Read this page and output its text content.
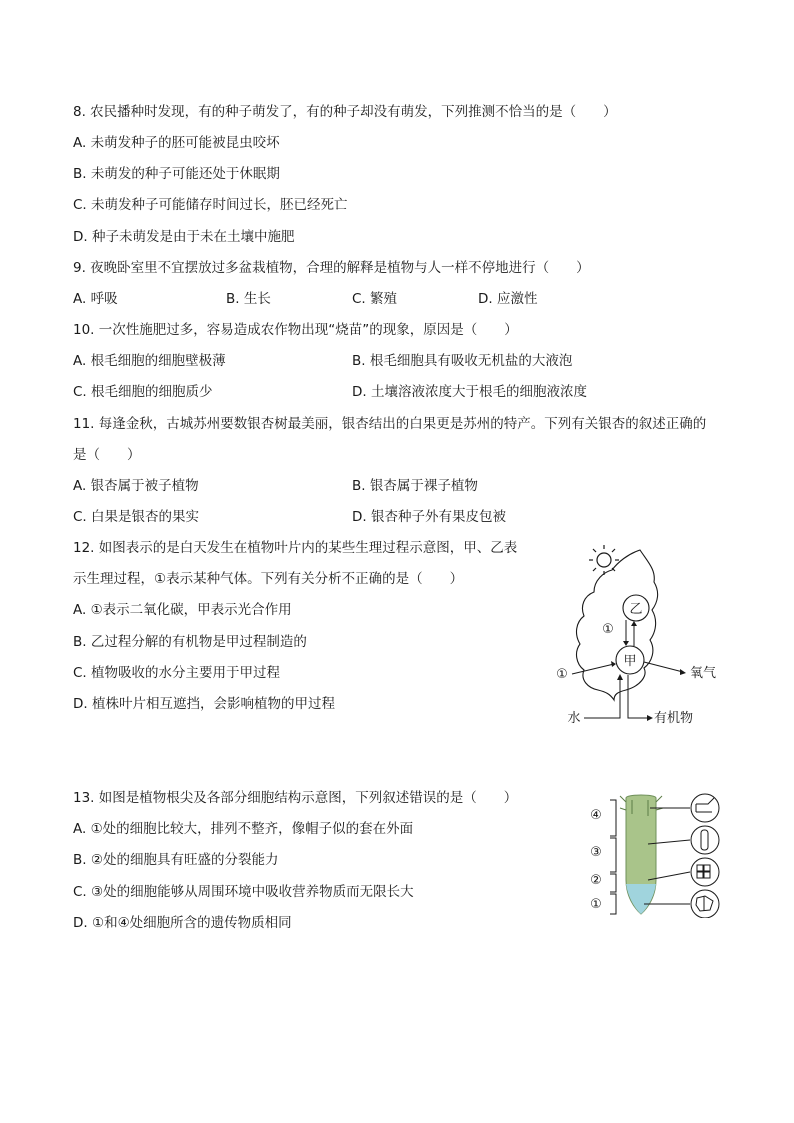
8. 农民播种时发现，有的种子萌发了，有的种子却没有萌发，下列推测不恰当的是（　　）
A. 未萌发种子的胚可能被昆虫咬坏
B. 未萌发的种子可能还处于休眠期
C. 未萌发种子可能储存时间过长，胚已经死亡
D. 种子未萌发是由于未在土壤中施肥
9. 夜晚卧室里不宜摆放过多盆栽植物，合理的解释是植物与人一样不停地进行（　　）
A. 呼吸	B. 生长	C. 繁殖	D. 应激性
10. 一次性施肥过多，容易造成农作物出现“烧苗”的现象，原因是（　　）
A. 根毛细胞的细胞壁极薄	B. 根毛细胞具有吸收无机盐的大液泡
C. 根毛细胞的细胞质少	D. 土壤溶液浓度大于根毛的细胞液浓度
11. 每逢金秋，古城苏州要数银杏树最美丽，银杏结出的白果更是苏州的特产。下列有关银杏的叙述正确的
是（　　）
A. 银杏属于被子植物	B. 银杏属于裸子植物
C. 白果是银杏的果实	D. 银杏种子外有果皮包被
12. 如图表示的是白天发生在植物叶片内的某些生理过程示意图，甲、乙表
示生理过程，①表示某种气体。下列有关分析不正确的是（　　）
A. ①表示二氧化碳，甲表示光合作用
B. 乙过程分解的有机物是甲过程制造的
C. 植物吸收的水分主要用于甲过程
D. 植株叶片相互遮挡，会影响植物的甲过程
乙
甲
①
①	氧气
水	有机物
13. 如图是植物根尖及各部分细胞结构示意图，下列叙述错误的是（　　）
A. ①处的细胞比较大，排列不整齐，像帽子似的套在外面
B. ②处的细胞具有旺盛的分裂能力
C. ③处的细胞能够从周围环境中吸收营养物质而无限长大
D. ①和④处细胞所含的遗传物质相同
④
③
②
①
